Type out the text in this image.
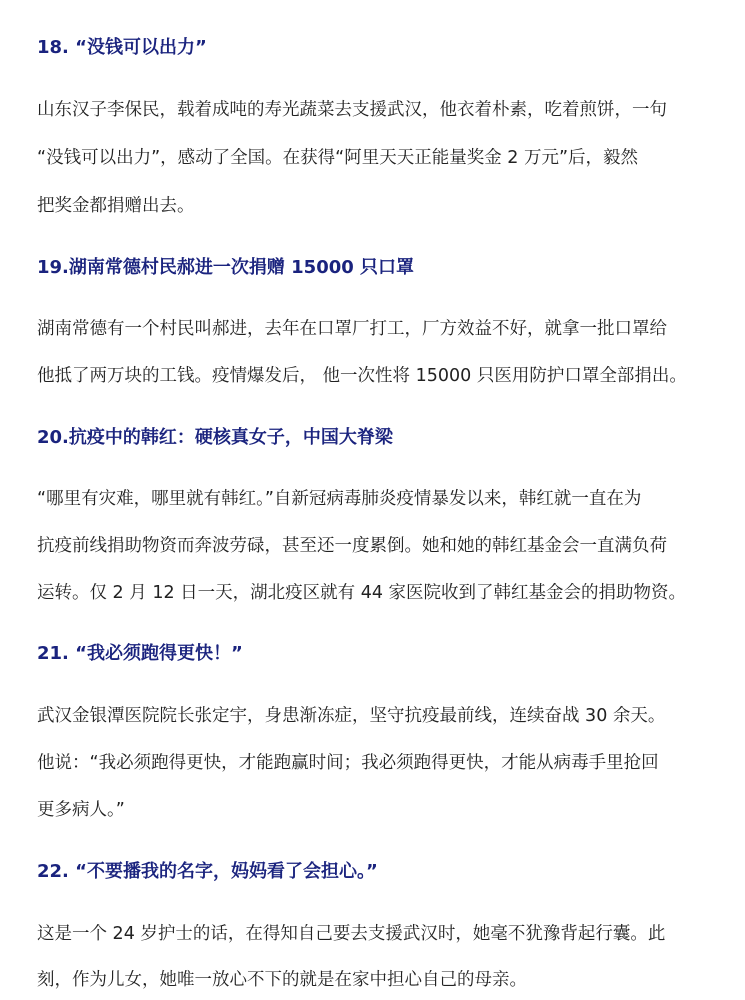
18. “没钱可以出力”
山东汉子李保民，载着成吨的寿光蔬菜去支援武汉，他衣着朴素，吃着煎饼，一句
“没钱可以出力”，感动了全国。在获得“阿里天天正能量奖金 2 万元”后，毅然
把奖金都捐赠出去。
19.湖南常德村民郝进一次捐赠 15000 只口罩
湖南常德有一个村民叫郝进，去年在口罩厂打工，厂方效益不好，就拿一批口罩给
他抵了两万块的工钱。疫情爆发后， 他一次性将 15000 只医用防护口罩全部捐出。
20.抗疫中的韩红：硬核真女子，中国大脊梁
“哪里有灾难，哪里就有韩红。”自新冠病毒肺炎疫情暴发以来，韩红就一直在为
抗疫前线捐助物资而奔波劳碌，甚至还一度累倒。她和她的韩红基金会一直满负荷
运转。仅 2 月 12 日一天，湖北疫区就有 44 家医院收到了韩红基金会的捐助物资。
21. “我必须跑得更快！”
武汉金银潭医院院长张定宇，身患渐冻症，坚守抗疫最前线，连续奋战 30 余天。
他说：“我必须跑得更快，才能跑赢时间；我必须跑得更快，才能从病毒手里抢回
更多病人。”
22. “不要播我的名字，妈妈看了会担心。”
这是一个 24 岁护士的话，在得知自己要去支援武汉时，她毫不犹豫背起行囊。此
刻，作为儿女，她唯一放心不下的就是在家中担心自己的母亲。
